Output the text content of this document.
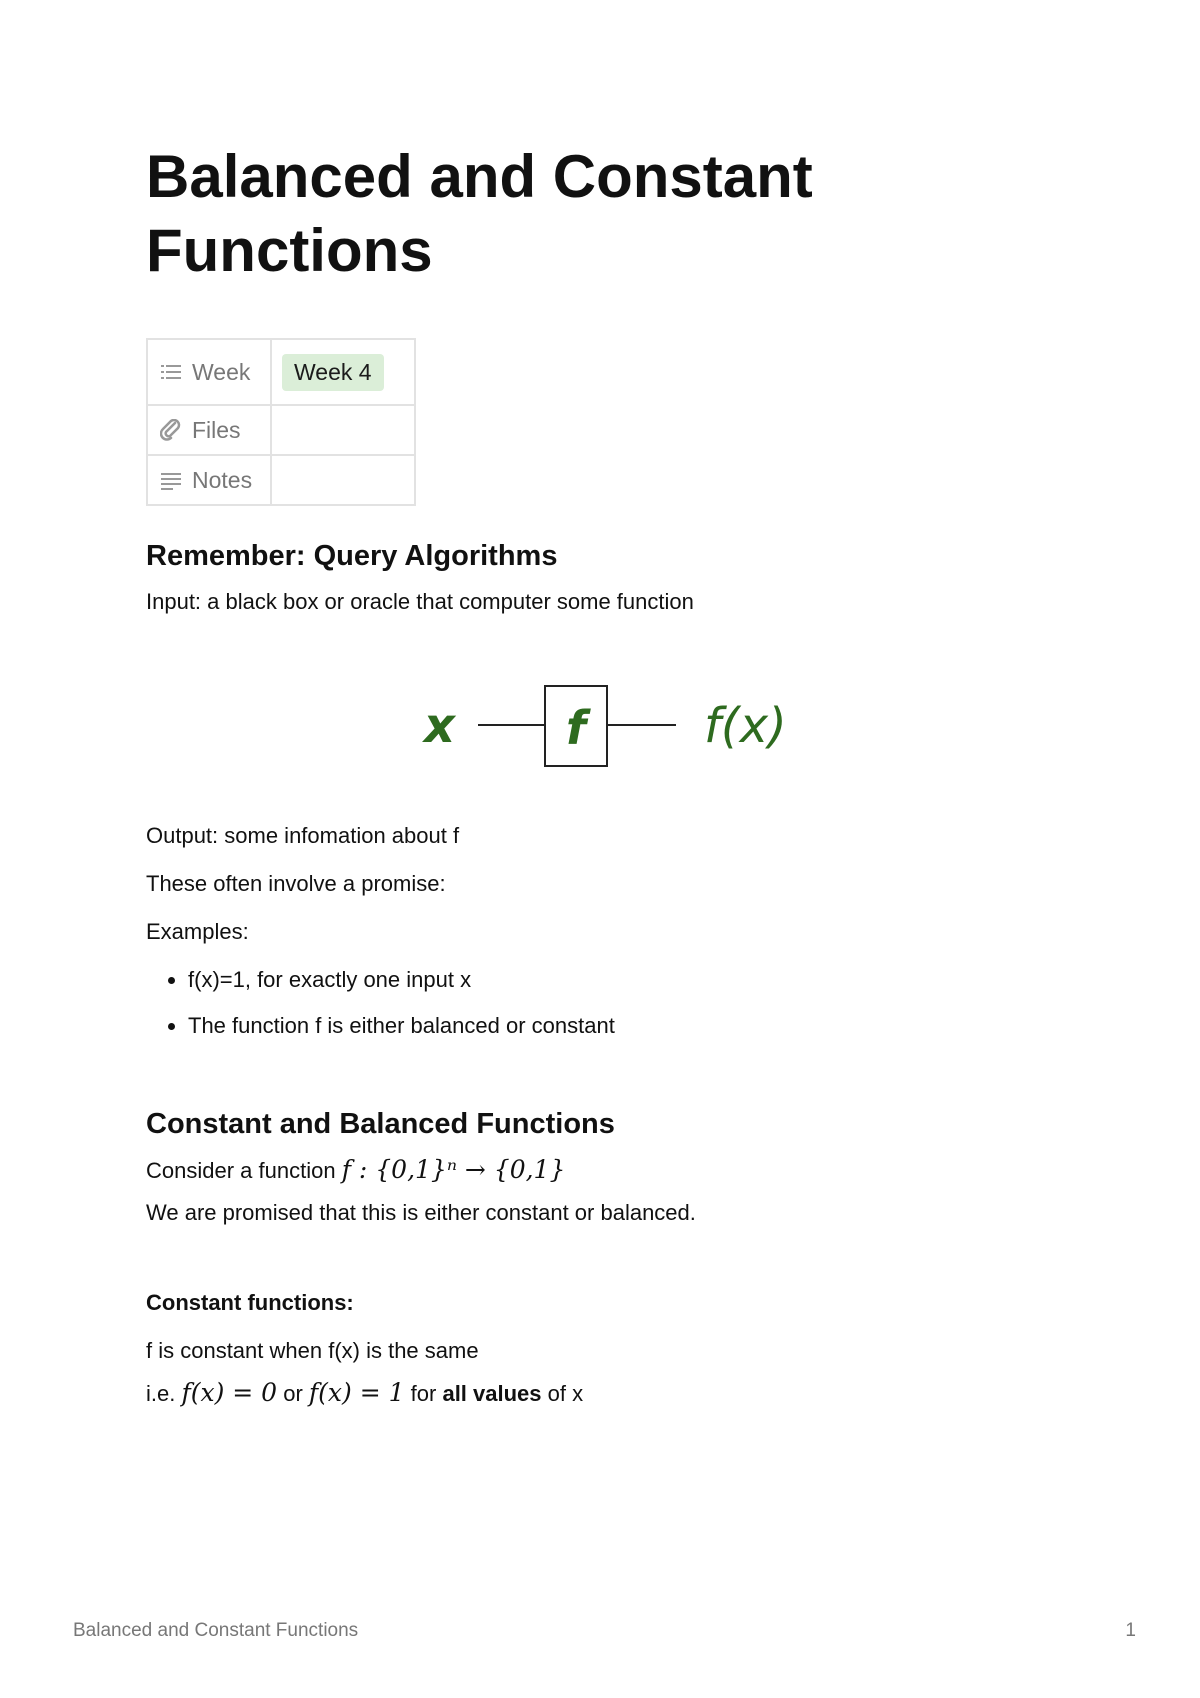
Balanced and Constant Functions
Week	Week 4

Files	

Notes	

Remember: Query Algorithms

Input: a black box or oracle that computer some function

x f f(x)

Output: some infomation about f

These often involve a promise:

Examples:

• f(x)=1, for exactly one input x
• The function f is either balanced or constant
Constant and Balanced Functions

Consider a function f : {0,1}ⁿ → {0,1}

We are promised that this is either constant or balanced.

Constant functions:

f is constant when f(x) is the same

i.e. f(x) = 0 or f(x) = 1 for all values of x

Balanced and Constant Functions	1
